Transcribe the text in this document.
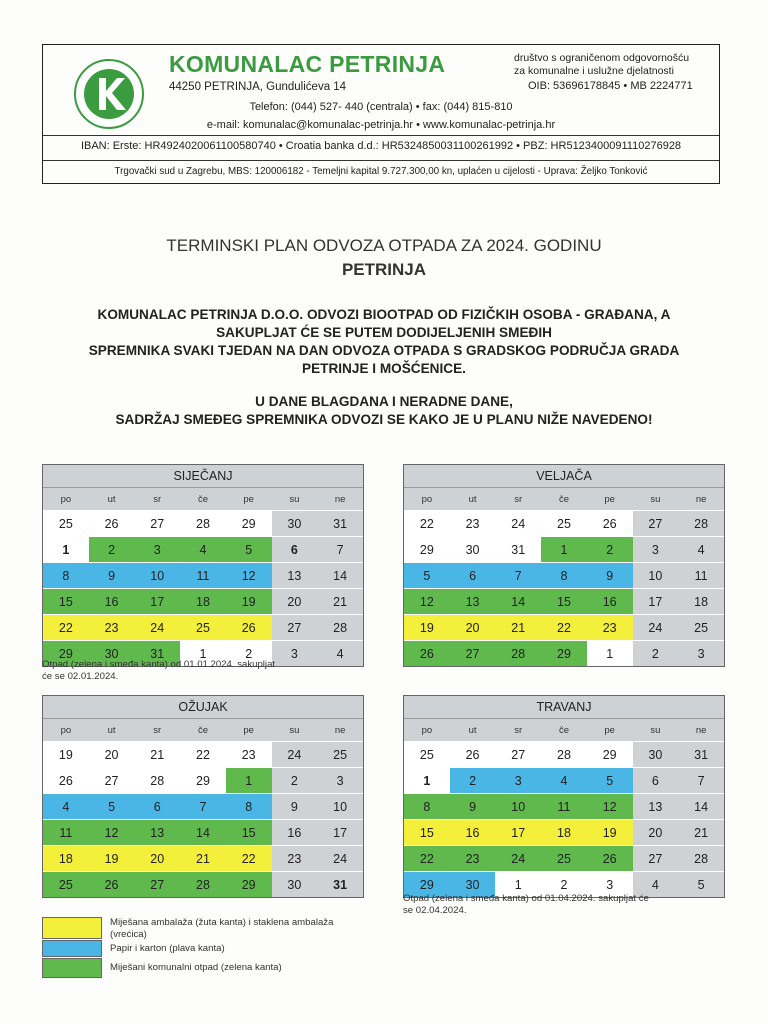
KOMUNALAC PETRINJA
44250 PETRINJA, Gundulićeva 14
društvo s ograničenom odgovornošću
za komunalne i uslužne djelatnosti
OIB: 53696178845 • MB 2224771
Telefon: (044) 527- 440 (centrala) • fax: (044) 815-810
e-mail: komunalac@komunalac-petrinja.hr • www.komunalac-petrinja.hr
IBAN: Erste: HR4924020061100580740 • Croatia banka d.d.: HR5324850031100261992 • PBZ: HR5123400091110276928
Trgovački sud u Zagrebu, MBS: 120006182 - Temeljni kapital 9.727.300,00 kn, uplaćen u cijelosti - Uprava: Željko Tonković
TERMINSKI PLAN ODVOZA OTPADA ZA 2024. GODINU
PETRINJA
KOMUNALAC PETRINJA D.O.O. ODVOZI BIOOTPAD OD FIZIČKIH OSOBA - GRAĐANA, A
SAKUPLJAT ĆE SE PUTEM DODIJELJENIH SMEĐIH
SPREMNIKA SVAKI TJEDAN NA DAN ODVOZA OTPADA S GRADSKOG PODRUČJA GRADA
PETRINJE I MOŠĆENICE.
U DANE BLAGDANA I NERADNE DANE,
SADRŽAJ SMEĐEG SPREMNIKA ODVOZI SE KAKO JE U PLANU NIŽE NAVEDENO!
SIJEČANJ
po	ut	sr	če	pe	su	ne
25	26	27	28	29	30	31
1	2	3	4	5	6	7
8	9	10	11	12	13	14
15	16	17	18	19	20	21
22	23	24	25	26	27	28
29	30	31	1	2	3	4
VELJAČA
po	ut	sr	če	pe	su	ne
22	23	24	25	26	27	28
29	30	31	1	2	3	4
5	6	7	8	9	10	11
12	13	14	15	16	17	18
19	20	21	22	23	24	25
26	27	28	29	1	2	3
OŽUJAK
po	ut	sr	če	pe	su	ne
19	20	21	22	23	24	25
26	27	28	29	1	2	3
4	5	6	7	8	9	10
11	12	13	14	15	16	17
18	19	20	21	22	23	24
25	26	27	28	29	30	31
TRAVANJ
po	ut	sr	če	pe	su	ne
25	26	27	28	29	30	31
1	2	3	4	5	6	7
8	9	10	11	12	13	14
15	16	17	18	19	20	21
22	23	24	25	26	27	28
29	30	1	2	3	4	5
Otpad (zelena i smeđa kanta) od 01.01.2024. sakupljat
će se 02.01.2024.
Otpad (zelena i smeđa kanta) od 01.04.2024. sakupljat će
se 02.04.2024.
Miješana ambalaža (žuta kanta) i staklena ambalaža (vrećica)
Papir i karton (plava kanta)
Miješani komunalni otpad (zelena kanta)
